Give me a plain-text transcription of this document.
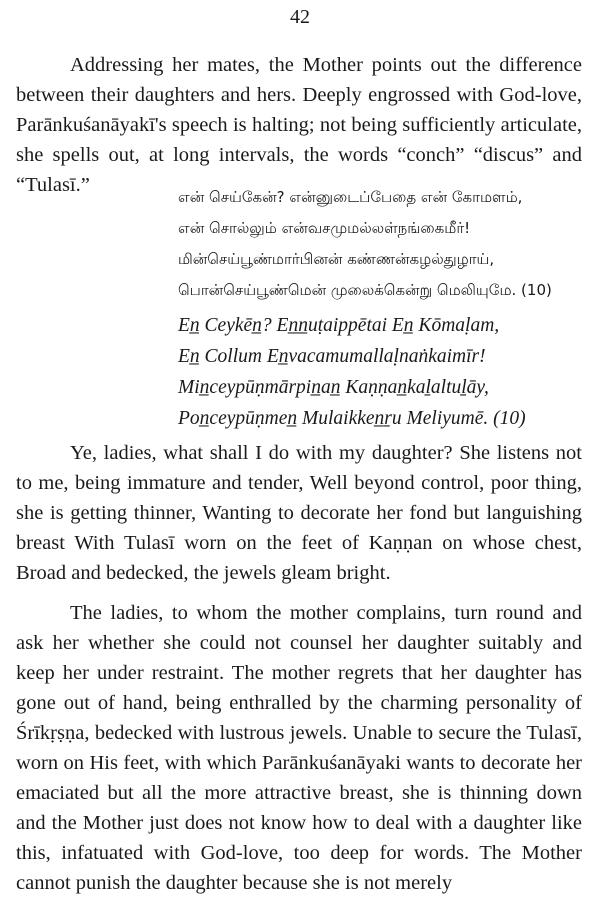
42

Addressing her mates, the Mother points out the difference between their daughters and hers. Deeply engrossed with God-love, Parānkuśanāyakī's speech is halting; not being sufficiently articulate, she spells out, at long intervals, the words “conch” “discus” and “Tulasī.”

என் செய்கேன்? என்னுடைப்பேதை என் கோமளம்,
என் சொல்லும் என்வசமுமல்லள்நங்கைமீர்!
மின்செய்பூண்மார்பினன் கண்ணன்கழல்துழாய்,
பொன்செய்பூண்மென் முலைக்கென்று மெலியுமே. (10)
En̲ Ceykēn̲? En̲n̲uṭaippētai En̲ Kōmaḷam,
En̲ Collum En̲vacamumallaḷnaṅkaimīr!
Min̲ceypūṇmārpin̲an̲ Kaṇṇan̲kaḻaltuḻāy,
Pon̲ceypūṇmen̲ Mulaikken̲ṟu Meliyumē. (10)

Ye, ladies, what shall I do with my daughter? She listens not to me, being immature and tender, Well beyond control, poor thing, she is getting thinner, Wanting to decorate her fond but languishing breast With Tulasī worn on the feet of Kaṇṇan on whose chest, Broad and bedecked, the jewels gleam bright.

The ladies, to whom the mother complains, turn round and ask her whether she could not counsel her daughter suitably and keep her under restraint. The mother regrets that her daughter has gone out of hand, being enthralled by the charming personality of Śrīkṛṣṇa, bedecked with lustrous jewels. Unable to secure the Tulasī, worn on His feet, with which Parānkuśanāyaki wants to decorate her emaciated but all the more attractive breast, she is thinning down and the Mother just does not know how to deal with a daughter like this, infatuated with God-love, too deep for words. The Mother cannot punish the daughter because she is not merely
